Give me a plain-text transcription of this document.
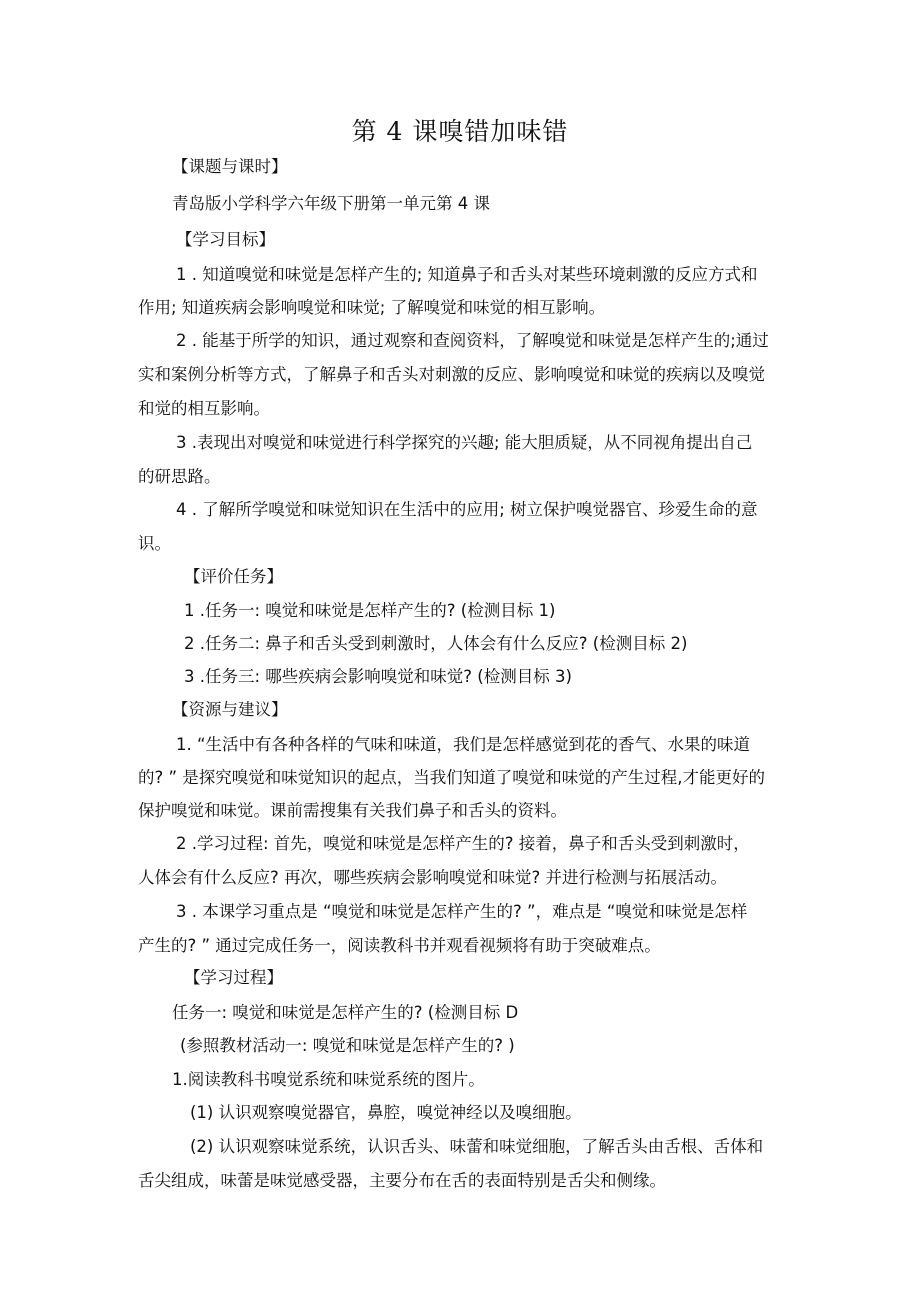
第 4 课嗅错加味错
【课题与课时】
青岛版小学科学六年级下册第一单元第 4 课
【学习目标】
1 . 知道嗅觉和味觉是怎样产生的; 知道鼻子和舌头对某些环境刺激的反应方式和
作用; 知道疾病会影响嗅觉和味觉; 了解嗅觉和味觉的相互影响。
2 . 能基于所学的知识，通过观察和查阅资料，了解嗅觉和味觉是怎样产生的;通过
实和案例分析等方式，了解鼻子和舌头对刺激的反应、影响嗅觉和味觉的疾病以及嗅觉
和觉的相互影响。
3 .表现出对嗅觉和味觉进行科学探究的兴趣; 能大胆质疑，从不同视角提出自己
的研思路。
4 . 了解所学嗅觉和味觉知识在生活中的应用; 树立保护嗅觉器官、珍爱生命的意
识。
【评价任务】
1 .任务一: 嗅觉和味觉是怎样产生的? (检测目标 1)
2 .任务二: 鼻子和舌头受到刺激时，人体会有什么反应? (检测目标 2)
3 .任务三: 哪些疾病会影响嗅觉和味觉? (检测目标 3)
【资源与建议】
1. “生活中有各种各样的气味和味道，我们是怎样感觉到花的香气、水果的味道
的? ” 是探究嗅觉和味觉知识的起点，当我们知道了嗅觉和味觉的产生过程,才能更好的
保护嗅觉和味觉。课前需搜集有关我们鼻子和舌头的资料。
2 .学习过程: 首先，嗅觉和味觉是怎样产生的? 接着，鼻子和舌头受到刺激时，
人体会有什么反应? 再次，哪些疾病会影响嗅觉和味觉? 并进行检测与拓展活动。
3 . 本课学习重点是 “嗅觉和味觉是怎样产生的? ”，难点是 “嗅觉和味觉是怎样
产生的? ” 通过完成任务一，阅读教科书并观看视频将有助于突破难点。
【学习过程】
任务一: 嗅觉和味觉是怎样产生的? (检测目标 D
(参照教材活动一: 嗅觉和味觉是怎样产生的? )
1.阅读教科书嗅觉系统和味觉系统的图片。
(1) 认识观察嗅觉器官，鼻腔，嗅觉神经以及嗅细胞。
(2) 认识观察味觉系统，认识舌头、味蕾和味觉细胞，了解舌头由舌根、舌体和
舌尖组成，味蕾是味觉感受器，主要分布在舌的表面特别是舌尖和侧缘。
